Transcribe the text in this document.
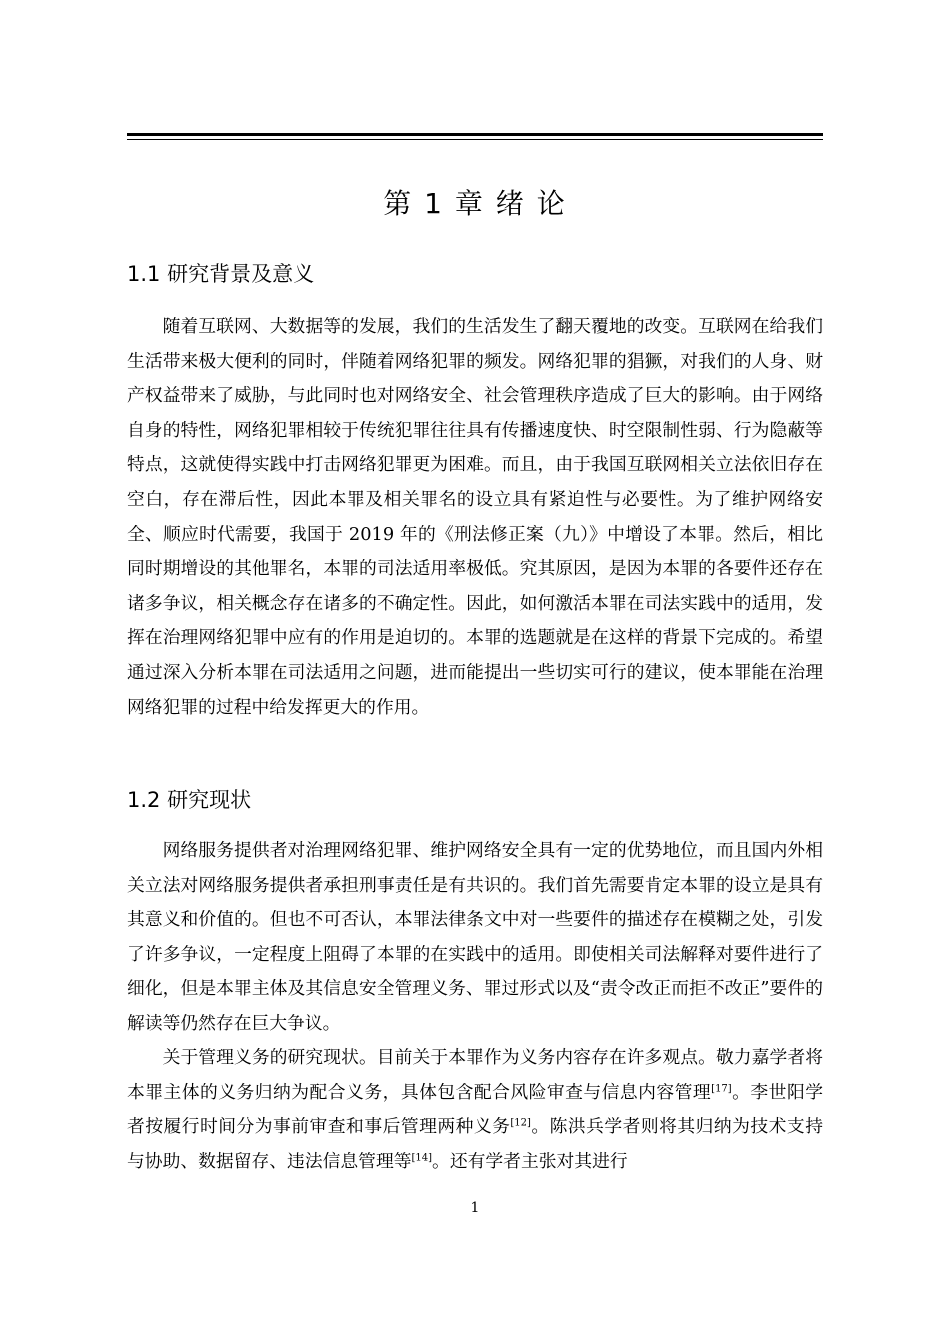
第 1 章 绪 论
1.1 研究背景及意义
随着互联网、大数据等的发展，我们的生活发生了翻天覆地的改变。互联网在给我们生活带来极大便利的同时，伴随着网络犯罪的频发。网络犯罪的猖獗，对我们的人身、财产权益带来了威胁，与此同时也对网络安全、社会管理秩序造成了巨大的影响。由于网络自身的特性，网络犯罪相较于传统犯罪往往具有传播速度快、时空限制性弱、行为隐蔽等特点，这就使得实践中打击网络犯罪更为困难。而且，由于我国互联网相关立法依旧存在空白，存在滞后性，因此本罪及相关罪名的设立具有紧迫性与必要性。为了维护网络安全、顺应时代需要，我国于 2019 年的《刑法修正案（九）》中增设了本罪。然后，相比同时期增设的其他罪名，本罪的司法适用率极低。究其原因，是因为本罪的各要件还存在诸多争议，相关概念存在诸多的不确定性。因此，如何激活本罪在司法实践中的适用，发挥在治理网络犯罪中应有的作用是迫切的。本罪的选题就是在这样的背景下完成的。希望通过深入分析本罪在司法适用之问题，进而能提出一些切实可行的建议，使本罪能在治理网络犯罪的过程中给发挥更大的作用。
1.2 研究现状
网络服务提供者对治理网络犯罪、维护网络安全具有一定的优势地位，而且国内外相关立法对网络服务提供者承担刑事责任是有共识的。我们首先需要肯定本罪的设立是具有其意义和价值的。但也不可否认，本罪法律条文中对一些要件的描述存在模糊之处，引发了许多争议，一定程度上阻碍了本罪的在实践中的适用。即使相关司法解释对要件进行了细化，但是本罪主体及其信息安全管理义务、罪过形式以及“责令改正而拒不改正”要件的解读等仍然存在巨大争议。
关于管理义务的研究现状。目前关于本罪作为义务内容存在许多观点。敬力嘉学者将本罪主体的义务归纳为配合义务，具体包含配合风险审查与信息内容管理[17]。李世阳学者按履行时间分为事前审查和事后管理两种义务[12]。陈洪兵学者则将其归纳为技术支持与协助、数据留存、违法信息管理等[14]。还有学者主张对其进行
1
